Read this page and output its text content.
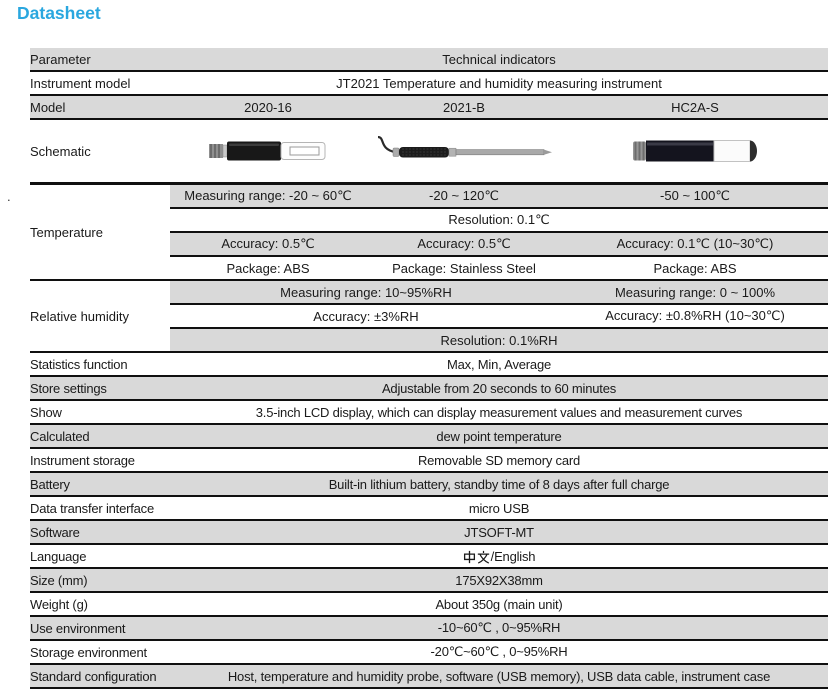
Datasheet
.
Parameter	Technical indicators		
Instrument model	JT2021 Temperature and humidity measuring instrument		
Model	2020-16	2021-B	HC2A-S
Schematic			
Temperature	Measuring range: -20 ~ 60℃	-20 ~ 120℃	-50 ~ 100℃
	Resolution: 0.1℃		
	Accuracy: 0.5℃	Accuracy: 0.5℃	Accuracy: 0.1℃ (10~30℃)
	Package: ABS	Package: Stainless Steel	Package: ABS
Relative humidity	Measuring range: 10~95%RH		Measuring range: 0 ~ 100%
	Accuracy: ±3%RH		Accuracy: ±0.8%RH (10~30℃)
	Resolution: 0.1%RH		
Statistics function	Max, Min, Average		
Store settings	Adjustable from 20 seconds to 60 minutes		
Show	3.5-inch LCD display, which can display measurement values and measurement curves		
Calculated	dew point temperature		
Instrument storage	Removable SD memory card		
Battery	Built-in lithium battery, standby time of 8 days after full charge		
Data transfer interface	micro USB		
Software	JTSOFT-MT		
Language	/English		
Size (mm)	175X92X38mm		
Weight (g)	About 350g (main unit)		
Use environment	-10~60℃ , 0~95%RH		
Storage environment	-20℃~60℃ , 0~95%RH		
Standard configuration	Host, temperature and humidity probe, software (USB memory), USB data cable, instrument case		
